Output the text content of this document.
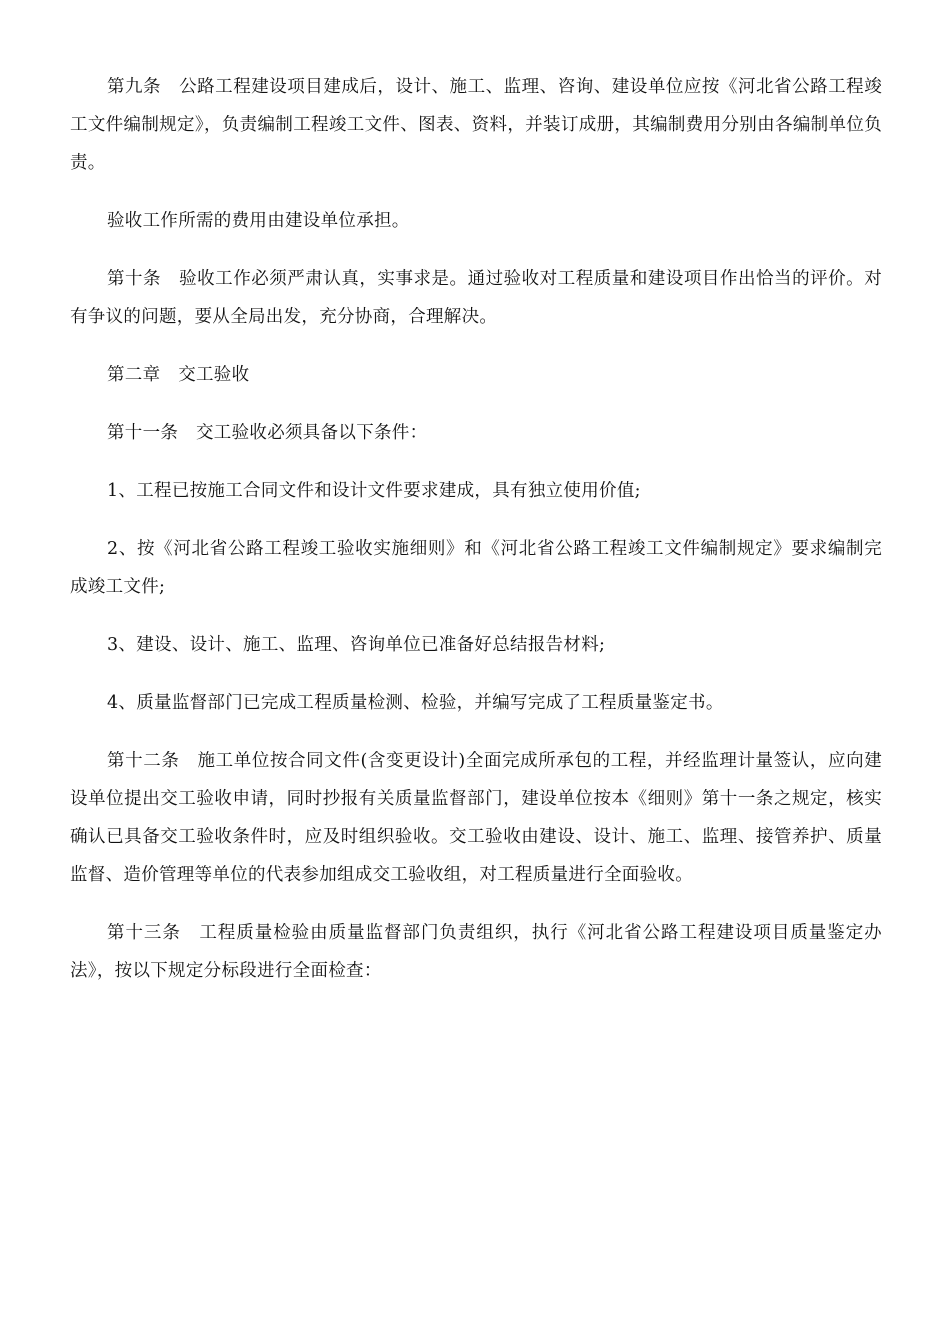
第九条　公路工程建设项目建成后，设计、施工、监理、咨询、建设单位应按《河北省公路工程竣工文件编制规定》，负责编制工程竣工文件、图表、资料，并装订成册，其编制费用分别由各编制单位负责。

验收工作所需的费用由建设单位承担。

第十条　验收工作必须严肃认真，实事求是。通过验收对工程质量和建设项目作出恰当的评价。对有争议的问题，要从全局出发，充分协商，合理解决。

第二章　交工验收

第十一条　交工验收必须具备以下条件：

1、工程已按施工合同文件和设计文件要求建成，具有独立使用价值;

2、按《河北省公路工程竣工验收实施细则》和《河北省公路工程竣工文件编制规定》要求编制完成竣工文件;

3、建设、设计、施工、监理、咨询单位已准备好总结报告材料;

4、质量监督部门已完成工程质量检测、检验，并编写完成了工程质量鉴定书。

第十二条　施工单位按合同文件(含变更设计)全面完成所承包的工程，并经监理计量签认，应向建设单位提出交工验收申请，同时抄报有关质量监督部门，建设单位按本《细则》第十一条之规定，核实确认已具备交工验收条件时，应及时组织验收。交工验收由建设、设计、施工、监理、接管养护、质量监督、造价管理等单位的代表参加组成交工验收组，对工程质量进行全面验收。

第十三条　工程质量检验由质量监督部门负责组织，执行《河北省公路工程建设项目质量鉴定办法》，按以下规定分标段进行全面检查：
